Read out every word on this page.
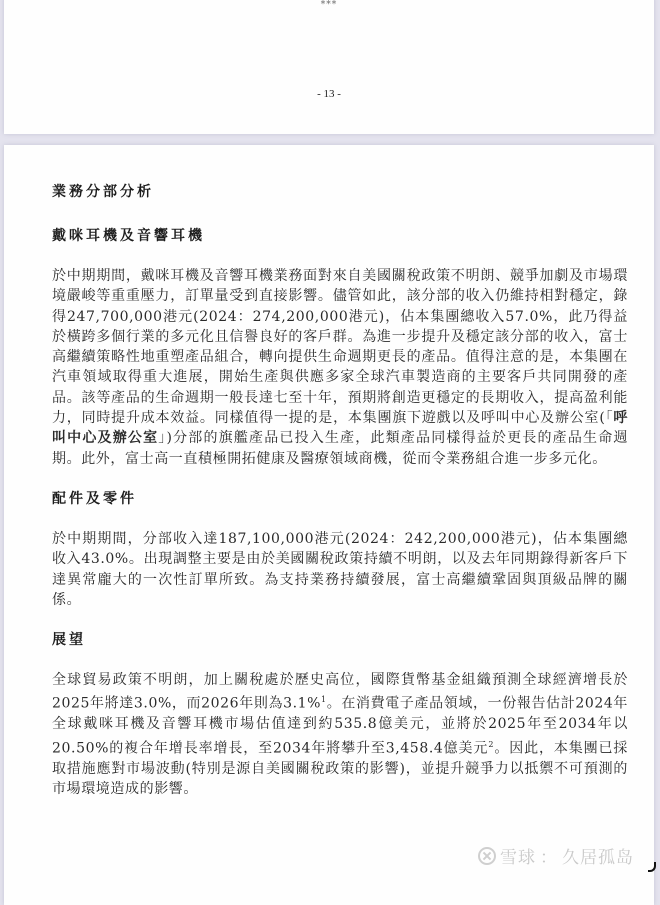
***
- 13 -
業務分部分析
戴咪耳機及音響耳機

於中期期間，戴咪耳機及音響耳機業務面對來自美國關稅政策不明朗、競爭加劇及市場環境嚴峻等重重壓力，訂單量受到直接影響。儘管如此，該分部的收入仍維持相對穩定，錄得247,700,000港元(2024：274,200,000港元)，佔本集團總收入57.0%，此乃得益於橫跨多個行業的多元化且信譽良好的客戶群。為進一步提升及穩定該分部的收入，富士高繼續策略性地重塑產品組合，轉向提供生命週期更長的產品。值得注意的是，本集團在汽車領域取得重大進展，開始生產與供應多家全球汽車製造商的主要客戶共同開發的產品。該等產品的生命週期一般長達七至十年，預期將創造更穩定的長期收入，提高盈利能力，同時提升成本效益。同樣值得一提的是，本集團旗下遊戲以及呼叫中心及辦公室(「呼叫中心及辦公室」)分部的旗艦產品已投入生產，此類產品同樣得益於更長的產品生命週期。此外，富士高一直積極開拓健康及醫療領域商機，從而令業務組合進一步多元化。

配件及零件

於中期期間，分部收入達187,100,000港元(2024：242,200,000港元)，佔本集團總收入43.0%。出現調整主要是由於美國關稅政策持續不明朗，以及去年同期錄得新客戶下達異常龐大的一次性訂單所致。為支持業務持續發展，富士高繼續鞏固與頂級品牌的關係。

展望

全球貿易政策不明朗，加上關稅處於歷史高位，國際貨幣基金組織預測全球經濟增長於2025年將達3.0%，而2026年則為3.1%$^1$。在消費電子產品領域，一份報告估計2024年全球戴咪耳機及音響耳機市場估值達到約535.8億美元，並將於2025年至2034年以20.50%的複合年增長率增長，至2034年將攀升至3,458.4億美元$^2$。因此，本集團已採取措施應對市場波動(特別是源自美國關稅政策的影響)，並提升競爭力以抵禦不可預測的市場環境造成的影響。

雪球 ： 久居孤岛
